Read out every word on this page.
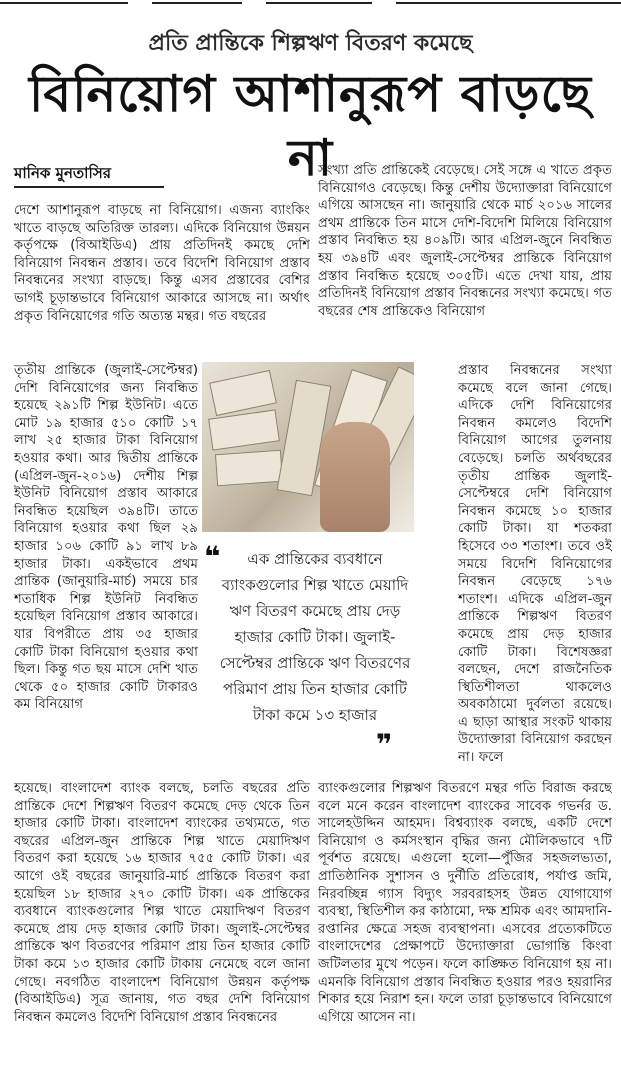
প্রতি প্রান্তিকে শিল্পঋণ বিতরণ কমেছে
বিনিয়োগ আশানুরূপ বাড়ছে না
মানিক মুনতাসির

দেশে আশানুরূপ বাড়ছে না বিনিয়োগ। এজন্য ব্যাংকিং খাতে বাড়ছে অতিরিক্ত তারল্য। এদিকে বিনিয়োগ উন্নয়ন কর্তৃপক্ষে (বিআইডিএ) প্রায় প্রতিদিনই কমছে দেশি বিনিয়োগ নিবন্ধন প্রস্তাব। তবে বিদেশি বিনিয়োগ প্রস্তাব নিবন্ধনের সংখ্যা বাড়ছে। কিন্তু এসব প্রস্তাবের বেশির ভাগই চূড়ান্তভাবে বিনিয়োগ আকারে আসছে না। অর্থাৎ প্রকৃত বিনিয়োগের গতি অত্যন্ত মন্থর। গত বছরের

তৃতীয় প্রান্তিকে (জুলাই-সেপ্টেম্বর) দেশি বিনিয়োগের জন্য নিবন্ধিত হয়েছে ২৯১টি শিল্প ইউনিট। এতে মোট ১৯ হাজার ৫১০ কোটি ১৭ লাখ ২৫ হাজার টাকা বিনিয়োগ হওয়ার কথা। আর দ্বিতীয় প্রান্তিকে (এপ্রিল-জুন-২০১৬) দেশীয় শিল্প ইউনিট বিনিয়োগ প্রস্তাব আকারে নিবন্ধিত হয়েছিল ৩৯৪টি। তাতে বিনিয়োগ হওয়ার কথা ছিল ২৯ হাজার ১০৬ কোটি ৯১ লাখ ৮৯ হাজার টাকা। একইভাবে প্রথম প্রান্তিক (জানুয়ারি-মার্চ) সময়ে চার শতাধিক শিল্প ইউনিট নিবন্ধিত হয়েছিল বিনিয়োগ প্রস্তাব আকারে। যার বিপরীতে প্রায় ৩৫ হাজার কোটি টাকা বিনিয়োগ হওয়ার কথা ছিল। কিন্তু গত ছয় মাসে দেশি খাত থেকে ৫০ হাজার কোটি টাকারও কম বিনিয়োগ

হয়েছে। বাংলাদেশ ব্যাংক বলছে, চলতি বছরের প্রতি প্রান্তিকে দেশে শিল্পঋণ বিতরণ কমেছে দেড় থেকে তিন হাজার কোটি টাকা। বাংলাদেশ ব্যাংকের তথ্যমতে, গত বছরের এপ্রিল-জুন প্রান্তিকে শিল্প খাতে মেয়াদিঋণ বিতরণ করা হয়েছে ১৬ হাজার ৭৫৫ কোটি টাকা। এর আগে ওই বছরের জানুয়ারি-মার্চ প্রান্তিকে বিতরণ করা হয়েছিল ১৮ হাজার ২৭০ কোটি টাকা। এক প্রান্তিকের ব্যবধানে ব্যাংকগুলোর শিল্প খাতে মেয়াদিঋণ বিতরণ কমেছে প্রায় দেড় হাজার কোটি টাকা। জুলাই-সেপ্টেম্বর প্রান্তিকে ঋণ বিতরণের পরিমাণ প্রায় তিন হাজার কোটি টাকা কমে ১৩ হাজার কোটি টাকায় নেমেছে বলে জানা গেছে। নবগঠিত বাংলাদেশ বিনিয়োগ উন্নয়ন কর্তৃপক্ষ (বিআইডিএ) সূত্র জানায়, গত বছর দেশি বিনিয়োগ নিবন্ধন কমলেও বিদেশি বিনিয়োগ প্রস্তাব নিবন্ধনের

সংখ্যা প্রতি প্রান্তিকেই বেড়েছে। সেই সঙ্গে এ খাতে প্রকৃত বিনিয়োগও বেড়েছে। কিন্তু দেশীয় উদ্যোক্তারা বিনিয়োগে এগিয়ে আসছেন না। জানুয়ারি থেকে মার্চ ২০১৬ সালের প্রথম প্রান্তিকে তিন মাসে দেশি-বিদেশি মিলিয়ে বিনিয়োগ প্রস্তাব নিবন্ধিত হয় ৪০৯টি। আর এপ্রিল-জুনে নিবন্ধিত হয় ৩৯৪টি এবং জুলাই-সেপ্টেম্বর প্রান্তিকে বিনিয়োগ প্রস্তাব নিবন্ধিত হয়েছে ৩০৫টি। এতে দেখা যায়, প্রায় প্রতিদিনই বিনিয়োগ প্রস্তাব নিবন্ধনের সংখ্যা কমেছে। গত বছরের শেষ প্রান্তিকেও বিনিয়োগ

প্রস্তাব নিবন্ধনের সংখ্যা কমেছে বলে জানা গেছে। এদিকে দেশি বিনিয়োগের নিবন্ধন কমলেও বিদেশি বিনিয়োগ আগের তুলনায় বেড়েছে। চলতি অর্থবছরের তৃতীয় প্রান্তিক জুলাই-সেপ্টেম্বরে দেশি বিনিয়োগ নিবন্ধন কমেছে ১০ হাজার কোটি টাকা। যা শতকরা হিসেবে ৩৩ শতাংশ। তবে ওই সময়ে বিদেশি বিনিয়োগের নিবন্ধন বেড়েছে ১৭৬ শতাংশ। এদিকে এপ্রিল-জুন প্রান্তিকে শিল্পঋণ বিতরণ কমেছে প্রায় দেড় হাজার কোটি টাকা। বিশেষজ্ঞরা বলছেন, দেশে রাজনৈতিক স্থিতিশীলতা থাকলেও অবকাঠামো দুর্বলতা রয়েছে। এ ছাড়া আস্থার সংকট থাকায় উদ্যোক্তারা বিনিয়োগ করছেন না। ফলে

ব্যাংকগুলোর শিল্পঋণ বিতরণে মন্থর গতি বিরাজ করছে বলে মনে করেন বাংলাদেশ ব্যাংকের সাবেক গভর্নর ড. সালেহউদ্দিন আহমদ। বিশ্বব্যাংক বলছে, একটি দেশে বিনিয়োগ ও কর্মসংস্থান বৃদ্ধির জন্য মৌলিকভাবে ৭টি পূর্বশত রয়েছে। এগুলো হলো—পুঁজির সহজলভ্যতা, প্রাতিষ্ঠানিক সুশাসন ও দুর্নীতি প্রতিরোধ, পর্যাপ্ত জমি, নিরবচ্ছিন্ন গ্যাস বিদ্যুৎ সরবরাহসহ উন্নত যোগাযোগ ব্যবস্থা, স্থিতিশীল কর কাঠামো, দক্ষ শ্রমিক এবং আমদানি-রপ্তানির ক্ষেত্রে সহজ ব্যবস্থাপনা। এসবের প্রত্যেকটিতে বাংলাদেশের প্রেক্ষাপটে উদ্যোক্তারা ভোগান্তি কিংবা জটিলতার মুখে পড়েন। ফলে কাঙ্ক্ষিত বিনিয়োগ হয় না। এমনকি বিনিয়োগ প্রস্তাব নিবন্ধিত হওয়ার পরও হয়রানির শিকার হয়ে নিরাশ হন। ফলে তারা চূড়ান্তভাবে বিনিয়োগে এগিয়ে আসেন না।

❝	এক প্রান্তিকের ব্যবধানে ব্যাংকগুলোর শিল্প খাতে মেয়াদি ঋণ বিতরণ কমেছে প্রায় দেড় হাজার কোটি টাকা। জুলাই-সেপ্টেম্বর প্রান্তিকে ঋণ বিতরণের পরিমাণ প্রায় তিন হাজার কোটি টাকা কমে ১৩ হাজার
❞
